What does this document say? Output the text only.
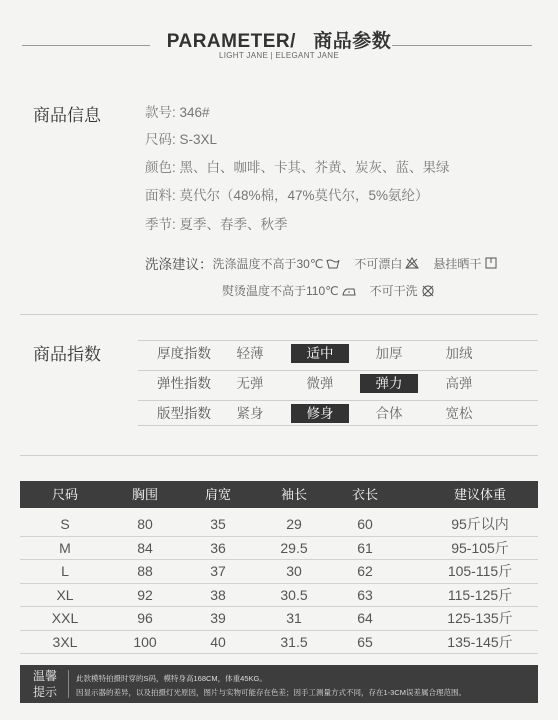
PARAMETER/   商品参数
LIGHT JANE | ELEGANT JANE
商品信息	款号: 346#
尺码: S-3XL
颜色: 黑、白、咖啡、卡其、芥黄、炭灰、蓝、果绿
面料: 莫代尔（48%棉，47%莫代尔，5%氨纶）
季节: 夏季、春季、秋季
洗涤建议： 洗涤温度不高于30℃	不可漂白	悬挂晒干
熨烫温度不高于110℃	不可干洗
商品指数	厚度指数	轻薄	适中	加厚	加绒
弹性指数	无弹	微弹	弹力	高弹
版型指数	紧身	修身	合体	宽松
尺码	胸围	肩宽	袖长	衣长	建议体重
S	80	35	29	60	95斤以内
M	84	36	29.5	61	95-105斤
L	88	37	30	62	105-115斤
XL	92	38	30.5	63	115-125斤
XXL	96	39	31	64	125-135斤
3XL	100	40	31.5	65	135-145斤
温馨提示
此款模特拍摄时穿的S码，模特身高168CM，体重45KG。
因显示器的差异，以及拍摄灯光原因，图片与实物可能存在色差；因手工测量方式不同，存在1-3CM误差属合理范围。
